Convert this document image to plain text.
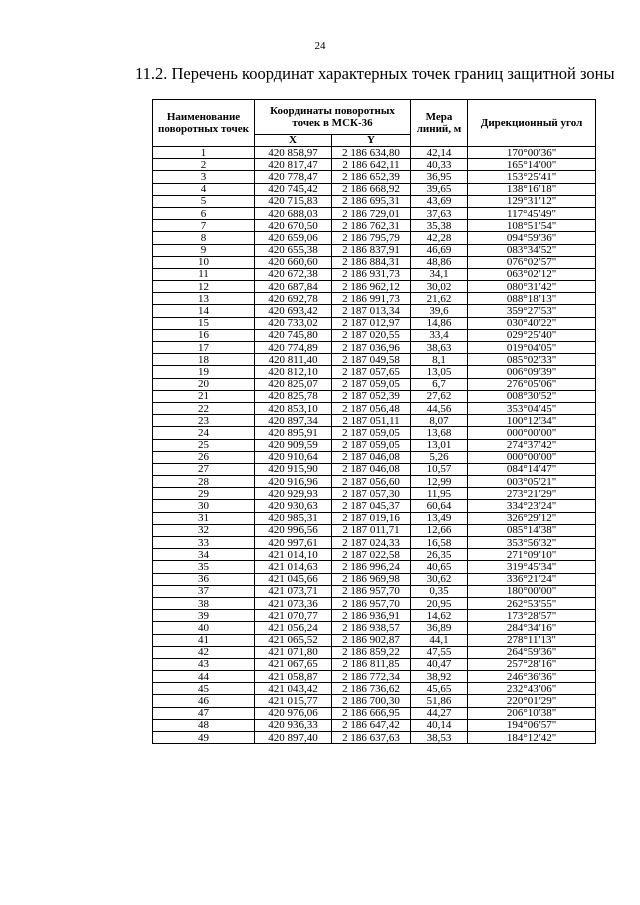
24
11.2. Перечень координат характерных точек границ защитной зоны
Наименование поворотных точек	Координаты поворотных точек в МСК-36		Мера линий, м	Дирекционный угол
	X	Y		
1	420 858,97	2 186 634,80	42,14	170°00'36"
2	420 817,47	2 186 642,11	40,33	165°14'00"
3	420 778,47	2 186 652,39	36,95	153°25'41"
4	420 745,42	2 186 668,92	39,65	138°16'18"
5	420 715,83	2 186 695,31	43,69	129°31'12"
6	420 688,03	2 186 729,01	37,63	117°45'49"
7	420 670,50	2 186 762,31	35,38	108°51'54"
8	420 659,06	2 186 795,79	42,28	094°59'36"
9	420 655,38	2 186 837,91	46,69	083°34'52"
10	420 660,60	2 186 884,31	48,86	076°02'57"
11	420 672,38	2 186 931,73	34,1	063°02'12"
12	420 687,84	2 186 962,12	30,02	080°31'42"
13	420 692,78	2 186 991,73	21,62	088°18'13"
14	420 693,42	2 187 013,34	39,6	359°27'53"
15	420 733,02	2 187 012,97	14,86	030°40'22"
16	420 745,80	2 187 020,55	33,4	029°25'40"
17	420 774,89	2 187 036,96	38,63	019°04'05"
18	420 811,40	2 187 049,58	8,1	085°02'33"
19	420 812,10	2 187 057,65	13,05	006°09'39"
20	420 825,07	2 187 059,05	6,7	276°05'06"
21	420 825,78	2 187 052,39	27,62	008°30'52"
22	420 853,10	2 187 056,48	44,56	353°04'45"
23	420 897,34	2 187 051,11	8,07	100°12'34"
24	420 895,91	2 187 059,05	13,68	000°00'00"
25	420 909,59	2 187 059,05	13,01	274°37'42"
26	420 910,64	2 187 046,08	5,26	000°00'00"
27	420 915,90	2 187 046,08	10,57	084°14'47"
28	420 916,96	2 187 056,60	12,99	003°05'21"
29	420 929,93	2 187 057,30	11,95	273°21'29"
30	420 930,63	2 187 045,37	60,64	334°23'24"
31	420 985,31	2 187 019,16	13,49	326°29'12"
32	420 996,56	2 187 011,71	12,66	085°14'38"
33	420 997,61	2 187 024,33	16,58	353°56'32"
34	421 014,10	2 187 022,58	26,35	271°09'10"
35	421 014,63	2 186 996,24	40,65	319°45'34"
36	421 045,66	2 186 969,98	30,62	336°21'24"
37	421 073,71	2 186 957,70	0,35	180°00'00"
38	421 073,36	2 186 957,70	20,95	262°53'55"
39	421 070,77	2 186 936,91	14,62	173°28'57"
40	421 056,24	2 186 938,57	36,89	284°34'16"
41	421 065,52	2 186 902,87	44,1	278°11'13"
42	421 071,80	2 186 859,22	47,55	264°59'36"
43	421 067,65	2 186 811,85	40,47	257°28'16"
44	421 058,87	2 186 772,34	38,92	246°36'36"
45	421 043,42	2 186 736,62	45,65	232°43'06"
46	421 015,77	2 186 700,30	51,86	220°01'29"
47	420 976,06	2 186 666,95	44,27	206°10'38"
48	420 936,33	2 186 647,42	40,14	194°06'57"
49	420 897,40	2 186 637,63	38,53	184°12'42"
